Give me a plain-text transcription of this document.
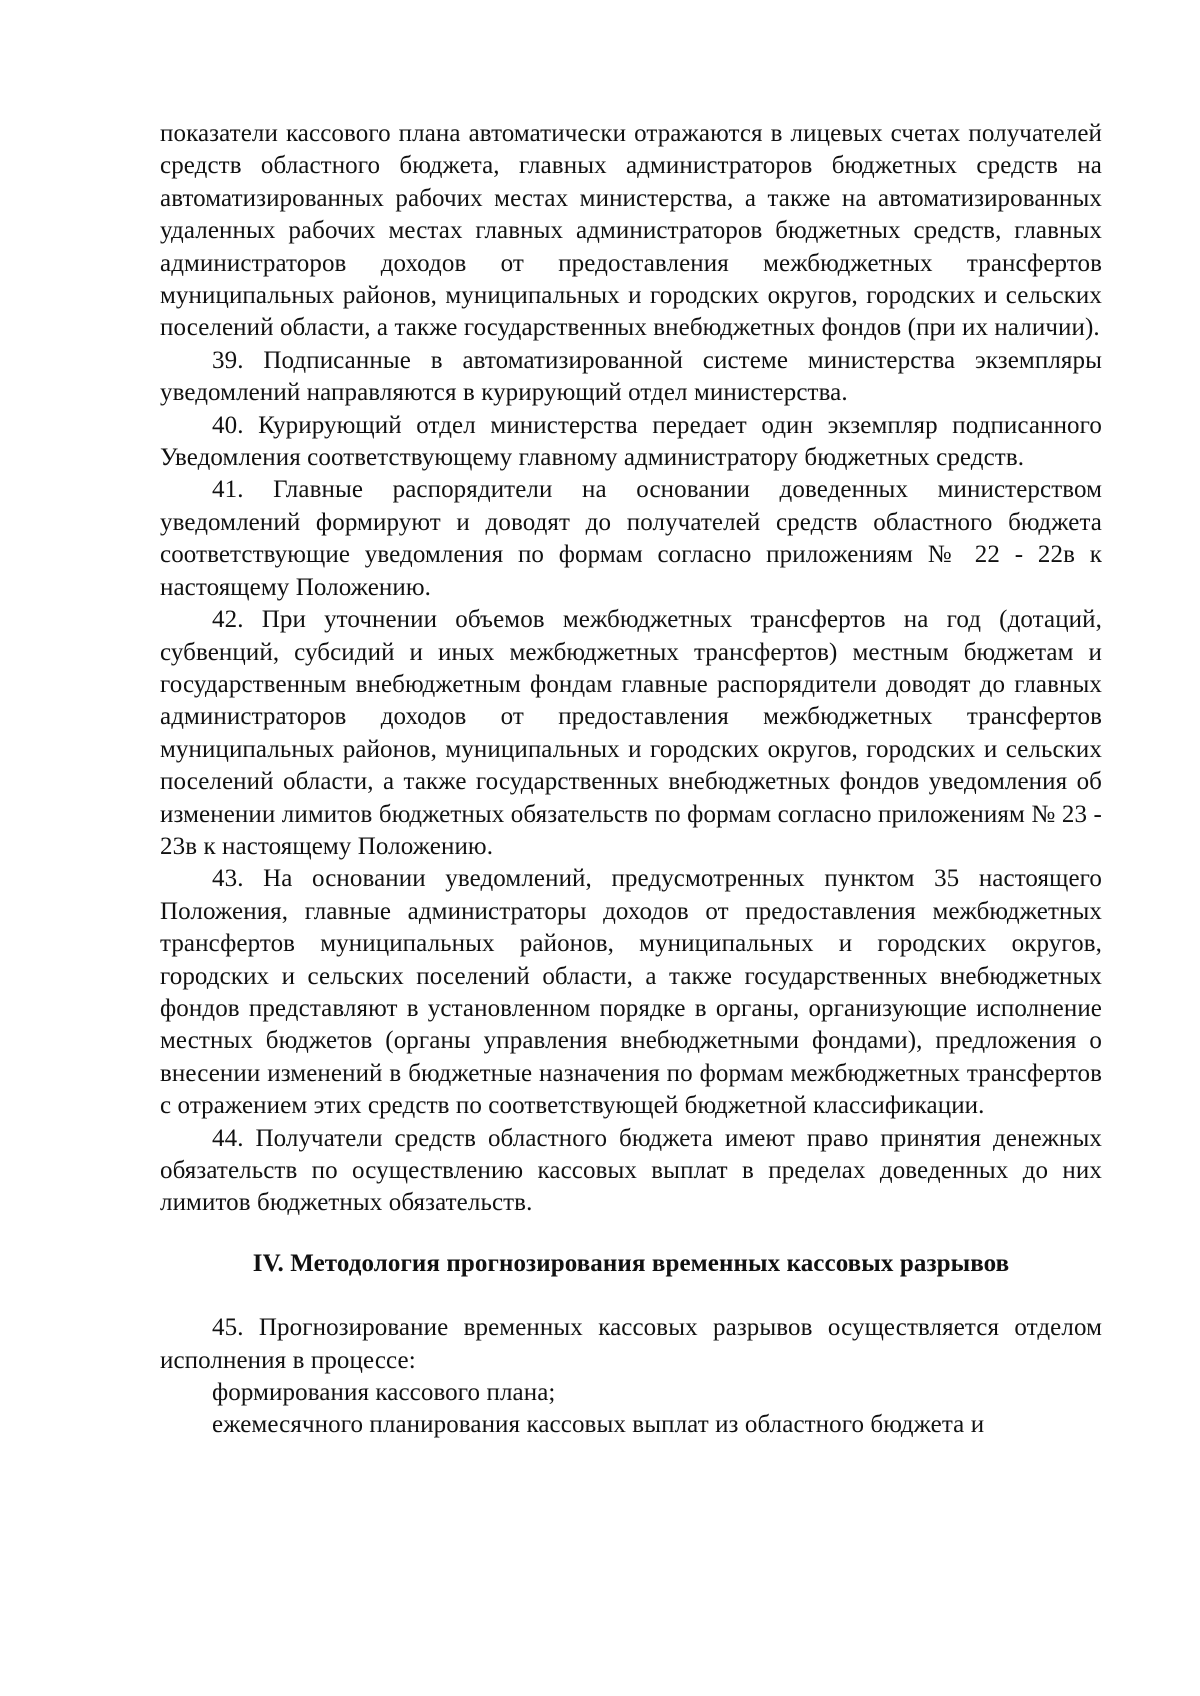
показатели кассового плана автоматически отражаются в лицевых счетах получателей средств областного бюджета, главных администраторов бюджетных средств на автоматизированных рабочих местах министерства, а также на автоматизированных удаленных рабочих местах главных администраторов бюджетных средств, главных администраторов доходов от предоставления межбюджетных трансфертов муниципальных районов, муниципальных и городских округов, городских и сельских поселений области, а также государственных внебюджетных фондов (при их наличии).

39. Подписанные в автоматизированной системе министерства экземпляры уведомлений направляются в курирующий отдел министерства.

40. Курирующий отдел министерства передает один экземпляр подписанного Уведомления соответствующему главному администратору бюджетных средств.

41. Главные распорядители на основании доведенных министерством уведомлений формируют и доводят до получателей средств областного бюджета соответствующие уведомления по формам согласно приложениям № 22 - 22в к настоящему Положению.

42. При уточнении объемов межбюджетных трансфертов на год (дотаций, субвенций, субсидий и иных межбюджетных трансфертов) местным бюджетам и государственным внебюджетным фондам главные распорядители доводят до главных администраторов доходов от предоставления межбюджетных трансфертов муниципальных районов, муниципальных и городских округов, городских и сельских поселений области, а также государственных внебюджетных фондов уведомления об изменении лимитов бюджетных обязательств по формам согласно приложениям № 23 - 23в к настоящему Положению.

43. На основании уведомлений, предусмотренных пунктом 35 настоящего Положения, главные администраторы доходов от предоставления межбюджетных трансфертов муниципальных районов, муниципальных и городских округов, городских и сельских поселений области, а также государственных внебюджетных фондов представляют в установленном порядке в органы, организующие исполнение местных бюджетов (органы управления внебюджетными фондами), предложения о внесении изменений в бюджетные назначения по формам межбюджетных трансфертов с отражением этих средств по соответствующей бюджетной классификации.

44. Получатели средств областного бюджета имеют право принятия денежных обязательств по осуществлению кассовых выплат в пределах доведенных до них лимитов бюджетных обязательств.

IV. Методология прогнозирования временных кассовых разрывов

45. Прогнозирование временных кассовых разрывов осуществляется отделом исполнения в процессе:

формирования кассового плана;

ежемесячного планирования кассовых выплат из областного бюджета и
